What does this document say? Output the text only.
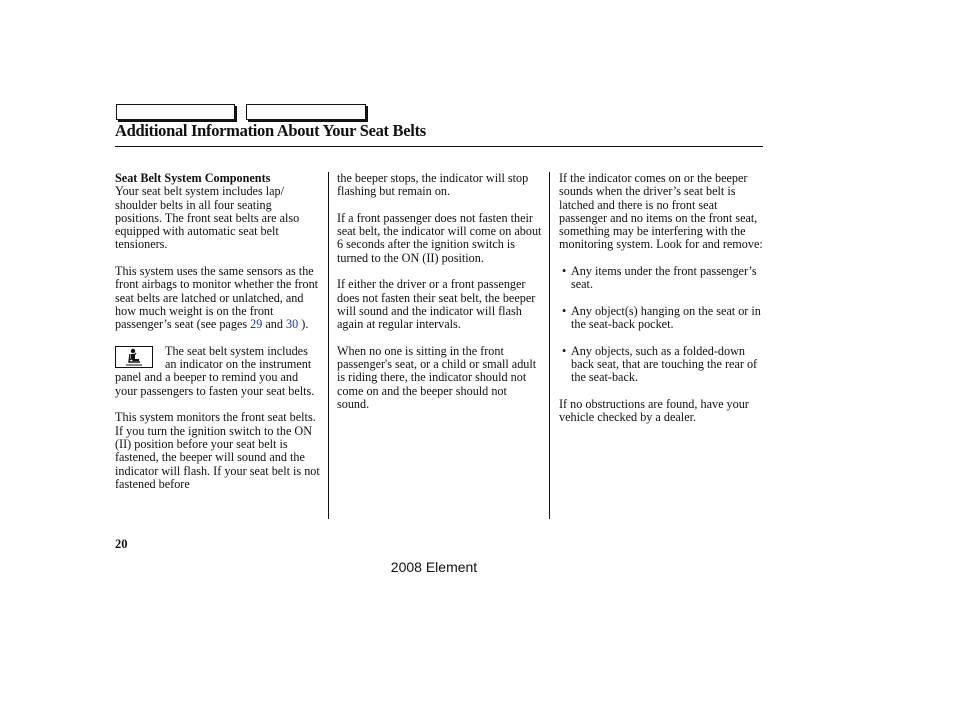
Additional Information About Your Seat Belts
Seat Belt System Components

Your seat belt system includes lap/ shoulder belts in all four seating positions. The front seat belts are also equipped with automatic seat belt tensioners.

This system uses the same sensors as the front airbags to monitor whether the front seat belts are latched or unlatched, and how much weight is on the front passenger’s seat (see pages 29 and 30 ).

The seat belt system includes an indicator on the instrument panel and a beeper to remind you and your passengers to fasten your seat belts.

This system monitors the front seat belts. If you turn the ignition switch to the ON (II) position before your seat belt is fastened, the beeper will sound and the indicator will flash. If your seat belt is not fastened before

the beeper stops, the indicator will stop flashing but remain on.

If a front passenger does not fasten their seat belt, the indicator will come on about 6 seconds after the ignition switch is turned to the ON (II) position.

If either the driver or a front passenger does not fasten their seat belt, the beeper will sound and the indicator will flash again at regular intervals.

When no one is sitting in the front passenger's seat, or a child or small adult is riding there, the indicator should not come on and the beeper should not sound.

If the indicator comes on or the beeper sounds when the driver’s seat belt is latched and there is no front seat passenger and no items on the front seat, something may be interfering with the monitoring system. Look for and remove:

• Any items under the front passenger’s seat.
• Any object(s) hanging on the seat or in the seat-back pocket.
• Any objects, such as a folded-down back seat, that are touching the rear of the seat-back.

If no obstructions are found, have your vehicle checked by a dealer.

20
2008 Element
